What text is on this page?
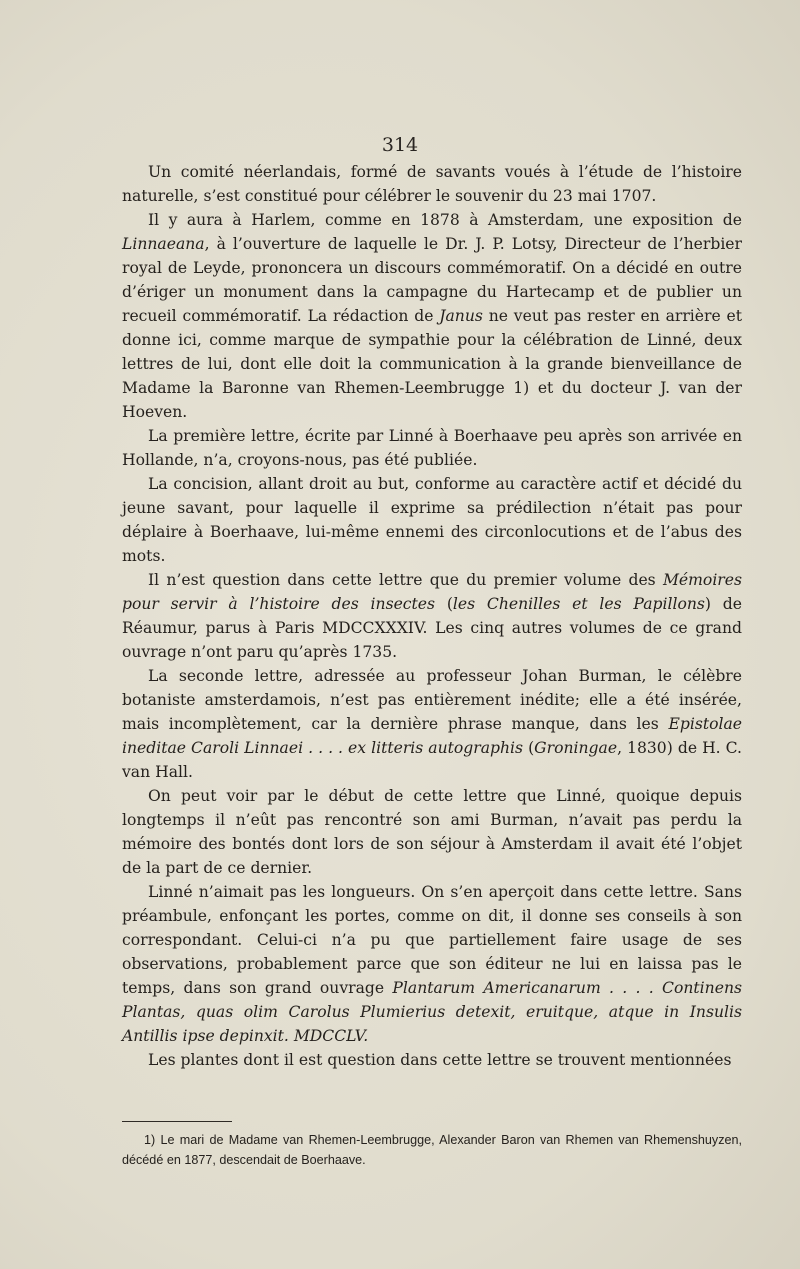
314

Un comité néerlandais, formé de savants voués à l’étude de l’histoire naturelle, s’est constitué pour célébrer le souvenir du 23 mai 1707.

Il y aura à Harlem, comme en 1878 à Amsterdam, une exposition de Linnaeana, à l’ouverture de laquelle le Dr. J. P. Lotsy, Directeur de l’herbier royal de Leyde, prononcera un discours commémoratif. On a décidé en outre d’ériger un monument dans la campagne du Hartecamp et de publier un recueil commémoratif. La rédaction de Janus ne veut pas rester en arrière et donne ici, comme marque de sympathie pour la célébration de Linné, deux lettres de lui, dont elle doit la communication à la grande bienveillance de Madame la Baronne van Rhemen-Leembrugge 1) et du docteur J. van der Hoeven.

La première lettre, écrite par Linné à Boerhaave peu après son arrivée en Hollande, n’a, croyons-nous, pas été publiée.

La concision, allant droit au but, conforme au caractère actif et décidé du jeune savant, pour laquelle il exprime sa prédilection n’était pas pour déplaire à Boerhaave, lui-même ennemi des circonlocutions et de l’abus des mots.

Il n’est question dans cette lettre que du premier volume des Mémoires pour servir à l’histoire des insectes (les Chenilles et les Papillons) de Réaumur, parus à Paris MDCCXXXIV. Les cinq autres volumes de ce grand ouvrage n’ont paru qu’après 1735.

La seconde lettre, adressée au professeur Johan Burman, le célèbre botaniste amsterdamois, n’est pas entièrement inédite; elle a été insérée, mais incomplètement, car la dernière phrase manque, dans les Epistolae ineditae Caroli Linnaei . . . . ex litteris autographis (Groningae, 1830) de H. C. van Hall.

On peut voir par le début de cette lettre que Linné, quoique depuis longtemps il n’eût pas rencontré son ami Burman, n’avait pas perdu la mémoire des bontés dont lors de son séjour à Amsterdam il avait été l’objet de la part de ce dernier.

Linné n’aimait pas les longueurs. On s’en aperçoit dans cette lettre. Sans préambule, enfonçant les portes, comme on dit, il donne ses conseils à son correspondant. Celui-ci n’a pu que partiellement faire usage de ses observations, probablement parce que son éditeur ne lui en laissa pas le temps, dans son grand ouvrage Plantarum Americanarum . . . . Continens Plantas, quas olim Carolus Plumierius detexit, eruitque, atque in Insulis Antillis ipse depinxit. MDCCLV.

Les plantes dont il est question dans cette lettre se trouvent mentionnées

1) Le mari de Madame van Rhemen-Leembrugge, Alexander Baron van Rhemen van Rhemenshuyzen, décédé en 1877, descendait de Boerhaave.
